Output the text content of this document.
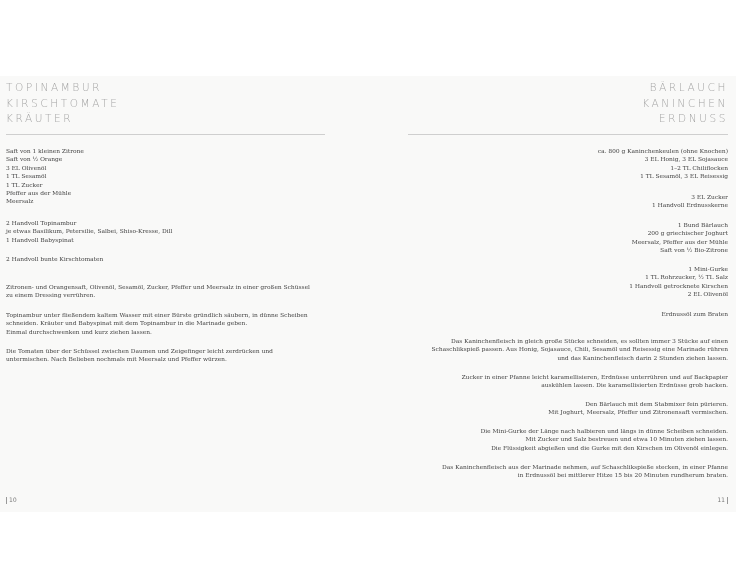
TOPINAMBUR
KIRSCHTOMATE
KRÄUTER
Saft von 1 kleinen Zitrone
Saft von ½ Orange
3 EL Olivenöl
1 TL Sesamöl
1 TL Zucker
Pfeffer aus der Mühle
Meersalz
2 Handvoll Topinambur
je etwas Basilikum, Petersilie, Salbei, Shiso-Kresse, Dill
1 Handvoll Babyspinat
2 Handvoll bunte Kirschtomaten
Zitronen- und Orangensaft, Olivenöl, Sesamöl, Zucker, Pfeffer und Meersalz in einer großen Schüssel
zu einem Dressing verrühren.
Topinambur unter fließendem kaltem Wasser mit einer Bürste gründlich säubern, in dünne Scheiben
schneiden. Kräuter und Babyspinat mit dem Topinambur in die Marinade geben.
Einmal durchschwenken und kurz ziehen lassen.
Die Tomaten über der Schüssel zwischen Daumen und Zeigefinger leicht zerdrücken und
untermischen. Nach Belieben nochmals mit Meersalz und Pfeffer würzen.
10
BÄRLAUCH
KANINCHEN
ERDNUSS
ca. 800 g Kaninchenkeulen (ohne Knochen)
3 EL Honig, 3 EL Sojasauce
1–2 TL Chiliflocken
1 TL Sesamöl, 3 EL Reisessig
3 EL Zucker
1 Handvoll Erdnusskerne
1 Bund Bärlauch
200 g griechischer Joghurt
Meersalz, Pfeffer aus der Mühle
Saft von ½ Bio-Zitrone
1 Mini-Gurke
1 TL Rohrzucker, ½ TL Salz
1 Handvoll getrocknete Kirschen
2 EL Olivenöl
Erdnussöl zum Braten
Das Kaninchenfleisch in gleich große Stücke schneiden, es sollten immer 3 Stücke auf einen
Schaschlikspieß passen. Aus Honig, Sojasauce, Chili, Sesamöl und Reisessig eine Marinade rühren
und das Kaninchenfleisch darin 2 Stunden ziehen lassen.
Zucker in einer Pfanne leicht karamellisieren, Erdnüsse unterrühren und auf Backpapier
auskühlen lassen. Die karamellisierten Erdnüsse grob hacken.
Den Bärlauch mit dem Stabmixer fein pürieren.
Mit Joghurt, Meersalz, Pfeffer und Zitronensaft vermischen.
Die Mini-Gurke der Länge nach halbieren und längs in dünne Scheiben schneiden.
Mit Zucker und Salz bestreuen und etwa 10 Minuten ziehen lassen.
Die Flüssigkeit abgießen und die Gurke mit den Kirschen im Olivenöl einlegen.
Das Kaninchenfleisch aus der Marinade nehmen, auf Schaschlikspieße stecken, in einer Pfanne
in Erdnussöl bei mittlerer Hitze 15 bis 20 Minuten rundherum braten.
11
